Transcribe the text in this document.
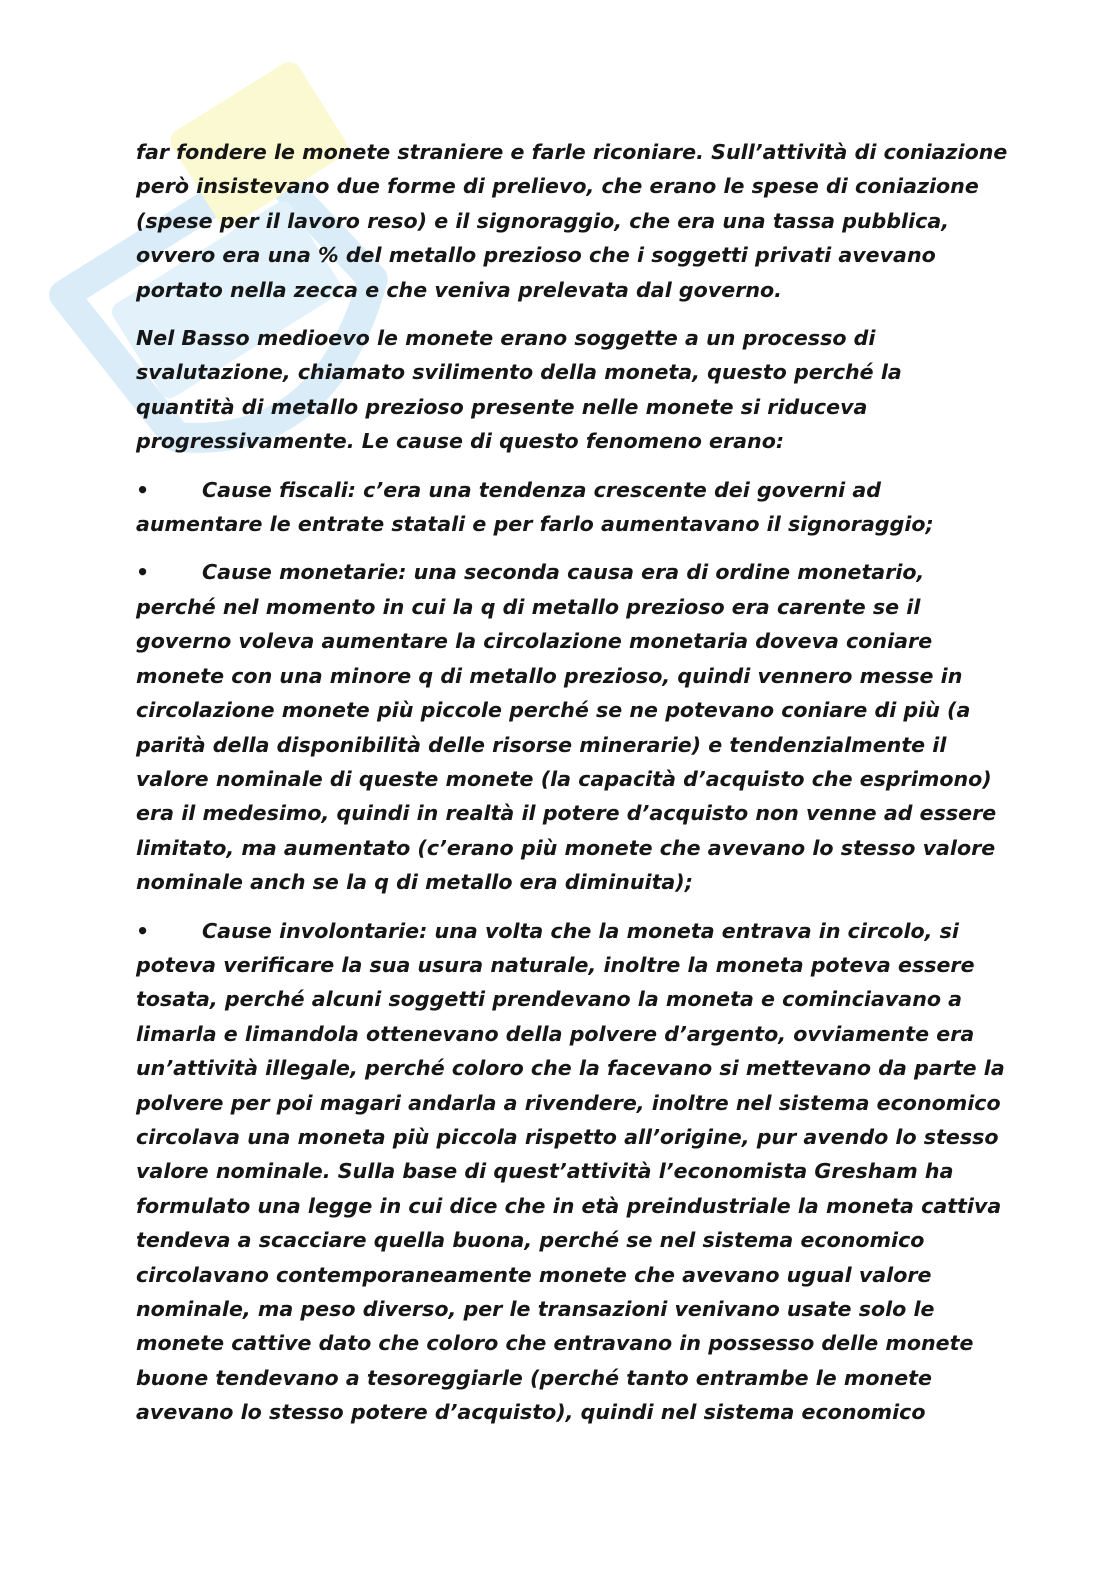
far fondere le monete straniere e farle riconiare. Sull’attività di coniazione
però insistevano due forme di prelievo, che erano le spese di coniazione
(spese per il lavoro reso) e il signoraggio, che era una tassa pubblica,
ovvero era una % del metallo prezioso che i soggetti privati avevano
portato nella zecca e che veniva prelevata dal governo.

Nel Basso medioevo le monete erano soggette a un processo di
svalutazione, chiamato svilimento della moneta, questo perché la
quantità di metallo prezioso presente nelle monete si riduceva
progressivamente. Le cause di questo fenomeno erano:

•	Cause fiscali: c’era una tendenza crescente dei governi ad
aumentare le entrate statali e per farlo aumentavano il signoraggio;

•	Cause monetarie: una seconda causa era di ordine monetario,
perché nel momento in cui la q di metallo prezioso era carente se il
governo voleva aumentare la circolazione monetaria doveva coniare
monete con una minore q di metallo prezioso, quindi vennero messe in
circolazione monete più piccole perché se ne potevano coniare di più (a
parità della disponibilità delle risorse minerarie) e tendenzialmente il
valore nominale di queste monete (la capacità d’acquisto che esprimono)
era il medesimo, quindi in realtà il potere d’acquisto non venne ad essere
limitato, ma aumentato (c’erano più monete che avevano lo stesso valore
nominale anch se la q di metallo era diminuita);

•	Cause involontarie: una volta che la moneta entrava in circolo, si
poteva verificare la sua usura naturale, inoltre la moneta poteva essere
tosata, perché alcuni soggetti prendevano la moneta e cominciavano a
limarla e limandola ottenevano della polvere d’argento, ovviamente era
un’attività illegale, perché coloro che la facevano si mettevano da parte la
polvere per poi magari andarla a rivendere, inoltre nel sistema economico
circolava una moneta più piccola rispetto all’origine, pur avendo lo stesso
valore nominale. Sulla base di quest’attività l’economista Gresham ha
formulato una legge in cui dice che in età preindustriale la moneta cattiva
tendeva a scacciare quella buona, perché se nel sistema economico
circolavano contemporaneamente monete che avevano ugual valore
nominale, ma peso diverso, per le transazioni venivano usate solo le
monete cattive dato che coloro che entravano in possesso delle monete
buone tendevano a tesoreggiarle (perché tanto entrambe le monete
avevano lo stesso potere d’acquisto), quindi nel sistema economico
